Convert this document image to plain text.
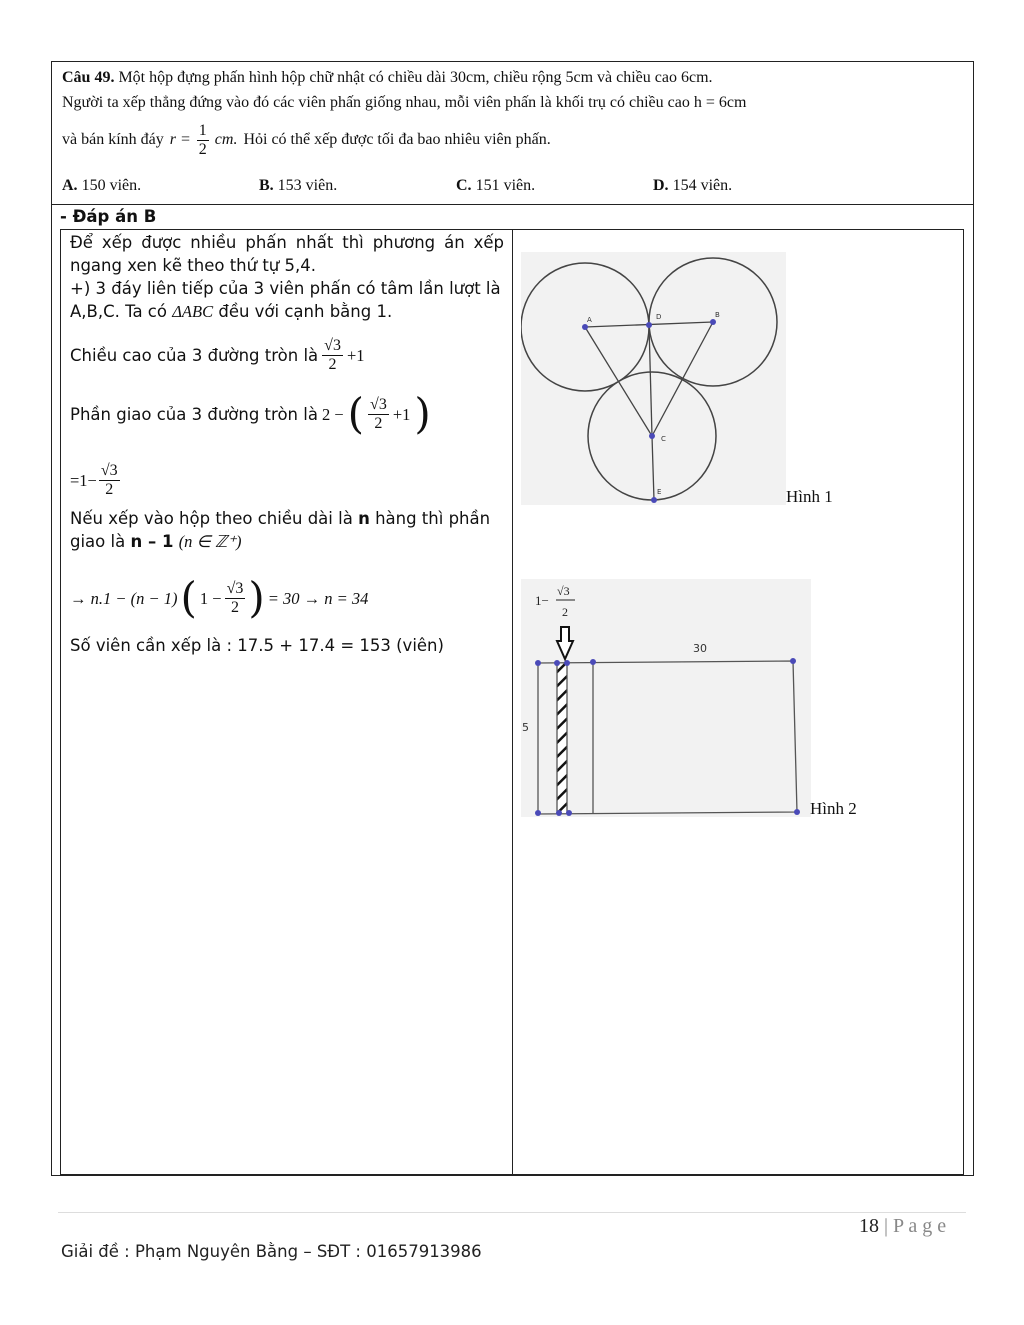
Câu 49. Một hộp đựng phấn hình hộp chữ nhật có chiều dài 30cm, chiều rộng 5cm và chiều cao 6cm.
Người ta xếp thẳng đứng vào đó các viên phấn giống nhau, mỗi viên phấn là khối trụ có chiều cao h = 6cm
và bán kính đáy $r = \frac{1}{2}$ cm. Hỏi có thể xếp được tối đa bao nhiêu viên phấn.
A. 150 viên.	B. 153 viên.	C. 151 viên.	D. 154 viên.
- Đáp án B
Để xếp được nhiều phấn nhất thì phương án xếp ngang xen kẽ theo thứ tự 5,4.
+) 3 đáy liên tiếp của 3 viên phấn có tâm lần lượt là A,B,C. Ta có ΔABC đều với cạnh bằng 1.
Chiều cao của 3 đường tròn là $\frac{√3}{2} +1$
Phần giao của 3 đường tròn là 2 − ( $\frac{√3}{2} +1$ )
$=1- \frac{√3}{2}$
Nếu xếp vào hộp theo chiều dài là n hàng thì phần giao là n – 1 (n ∈ ℤ⁺)
→ n.1 − (n − 1) ( $1 - \frac{√3}{2}$ ) = 30 → n = 34
Số viên cần xếp là : 17.5 + 17.4 = 153 (viên)
A
B
C
D
E	Hình 1
30
5
1−
√3
2
Hình 2
18 | P a g e
Giải đề : Phạm Nguyên Bằng – SĐT : 01657913986
